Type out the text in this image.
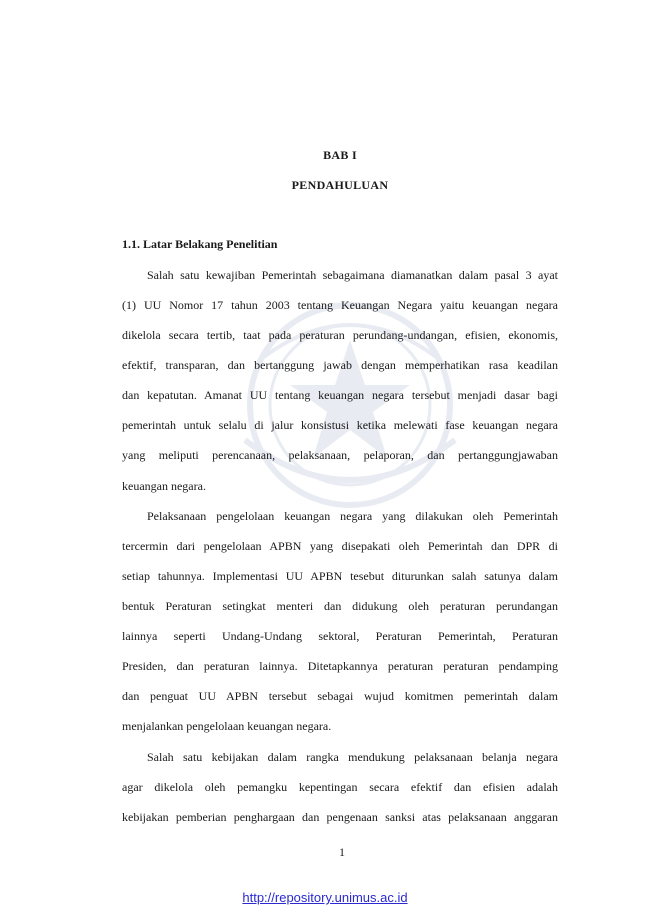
BAB I
PENDAHULUAN
1.1. Latar Belakang Penelitian
Salah satu kewajiban Pemerintah sebagaimana diamanatkan dalam pasal 3 ayat
(1) UU Nomor 17 tahun 2003 tentang Keuangan Negara yaitu keuangan negara
dikelola secara tertib, taat pada peraturan perundang-undangan, efisien, ekonomis,
efektif, transparan, dan bertanggung jawab dengan memperhatikan rasa keadilan
dan kepatutan. Amanat UU tentang keuangan negara tersebut menjadi dasar bagi
pemerintah untuk selalu di jalur konsistusi ketika melewati fase keuangan negara
yang meliputi perencanaan, pelaksanaan, pelaporan, dan pertanggungjawaban
keuangan negara.
Pelaksanaan pengelolaan keuangan negara yang dilakukan oleh Pemerintah
tercermin dari pengelolaan APBN yang disepakati oleh Pemerintah dan DPR di
setiap tahunnya. Implementasi UU APBN tesebut diturunkan salah satunya dalam
bentuk Peraturan setingkat menteri dan didukung oleh peraturan perundangan
lainnya seperti Undang-Undang sektoral, Peraturan Pemerintah, Peraturan
Presiden, dan peraturan lainnya. Ditetapkannya peraturan peraturan pendamping
dan penguat UU APBN tersebut sebagai wujud komitmen pemerintah dalam
menjalankan pengelolaan keuangan negara.
Salah satu kebijakan dalam rangka mendukung pelaksanaan belanja negara
agar dikelola oleh pemangku kepentingan secara efektif dan efisien adalah
kebijakan pemberian penghargaan dan pengenaan sanksi atas pelaksanaan anggaran
1
http://repository.unimus.ac.id
